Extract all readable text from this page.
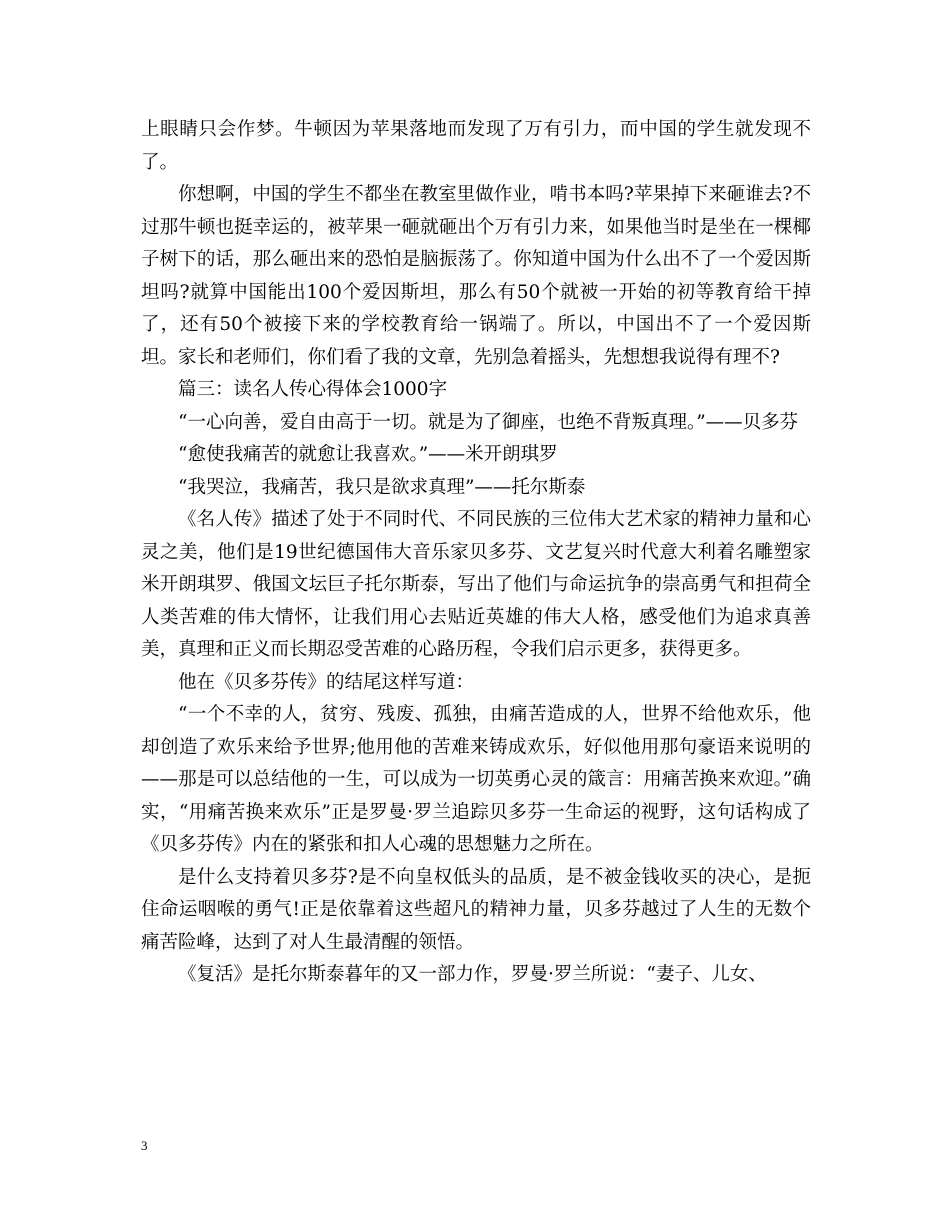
上眼睛只会作梦。牛顿因为苹果落地而发现了万有引力，而中国的学生就发现不了。

你想啊，中国的学生不都坐在教室里做作业，啃书本吗?苹果掉下来砸谁去?不过那牛顿也挺幸运的，被苹果一砸就砸出个万有引力来，如果他当时是坐在一棵椰子树下的话，那么砸出来的恐怕是脑振荡了。你知道中国为什么出不了一个爱因斯坦吗?就算中国能出100个爱因斯坦，那么有50个就被一开始的初等教育给干掉了，还有50个被接下来的学校教育给一锅端了。所以，中国出不了一个爱因斯坦。家长和老师们，你们看了我的文章，先别急着摇头，先想想我说得有理不?

篇三：读名人传心得体会1000字

“一心向善，爱自由高于一切。就是为了御座，也绝不背叛真理。”——贝多芬

“愈使我痛苦的就愈让我喜欢。”——米开朗琪罗

“我哭泣，我痛苦，我只是欲求真理”——托尔斯泰

《名人传》描述了处于不同时代、不同民族的三位伟大艺术家的精神力量和心灵之美，他们是19世纪德国伟大音乐家贝多芬、文艺复兴时代意大利着名雕塑家米开朗琪罗、俄国文坛巨子托尔斯泰，写出了他们与命运抗争的崇高勇气和担荷全人类苦难的伟大情怀，让我们用心去贴近英雄的伟大人格，感受他们为追求真善美，真理和正义而长期忍受苦难的心路历程，令我们启示更多，获得更多。

他在《贝多芬传》的结尾这样写道：

“一个不幸的人，贫穷、残废、孤独，由痛苦造成的人，世界不给他欢乐，他却创造了欢乐来给予世界;他用他的苦难来铸成欢乐，好似他用那句豪语来说明的——那是可以总结他的一生，可以成为一切英勇心灵的箴言：用痛苦换来欢迎。”确实，“用痛苦换来欢乐”正是罗曼·罗兰追踪贝多芬一生命运的视野，这句话构成了《贝多芬传》内在的紧张和扣人心魂的思想魅力之所在。

是什么支持着贝多芬?是不向皇权低头的品质，是不被金钱收买的决心，是扼住命运咽喉的勇气!正是依靠着这些超凡的精神力量，贝多芬越过了人生的无数个痛苦险峰，达到了对人生最清醒的领悟。

《复活》是托尔斯泰暮年的又一部力作，罗曼·罗兰所说：“妻子、儿女、

3
